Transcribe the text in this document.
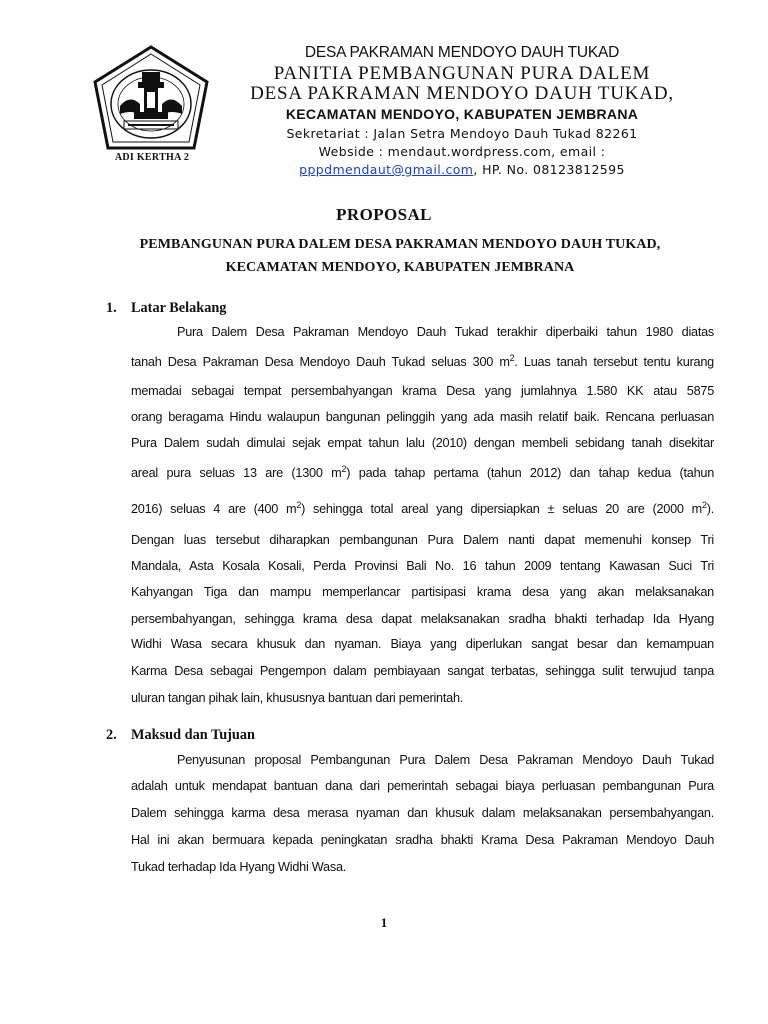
ADI KERTHA 2
DESA PAKRAMAN MENDOYO DAUH TUKAD
PANITIA PEMBANGUNAN PURA DALEM
DESA PAKRAMAN MENDOYO DAUH TUKAD,
KECAMATAN MENDOYO, KABUPATEN JEMBRANA
Sekretariat : Jalan Setra Mendoyo Dauh Tukad 82261
Webside : mendaut.wordpress.com, email :
pppdmendaut@gmail.com, HP. No. 08123812595
PROPOSAL
PEMBANGUNAN PURA DALEM DESA PAKRAMAN MENDOYO DAUH TUKAD,
KECAMATAN MENDOYO, KABUPATEN JEMBRANA
1. Latar Belakang
Pura Dalem Desa Pakraman Mendoyo Dauh Tukad terakhir diperbaiki tahun 1980 diatas
tanah Desa Pakraman Desa Mendoyo Dauh Tukad seluas 300 $m^2$. Luas tanah tersebut tentu kurang
memadai sebagai tempat persembahyangan krama Desa yang jumlahnya 1.580 KK atau 5875
orang beragama Hindu walaupun bangunan pelinggih yang ada masih relatif baik. Rencana perluasan
Pura Dalem sudah dimulai sejak empat tahun lalu (2010) dengan membeli sebidang tanah disekitar
areal pura seluas 13 are (1300 $m^2$) pada tahap pertama (tahun 2012) dan tahap kedua (tahun
2016) seluas 4 are (400 $m^2$) sehingga total areal yang dipersiapkan ± seluas 20 are (2000 $m^2$).
Dengan luas tersebut diharapkan pembangunan Pura Dalem nanti dapat memenuhi konsep Tri
Mandala, Asta Kosala Kosali, Perda Provinsi Bali No. 16 tahun 2009 tentang Kawasan Suci Tri
Kahyangan Tiga dan mampu memperlancar partisipasi krama desa yang akan melaksanakan
persembahyangan, sehingga krama desa dapat melaksanakan sradha bhakti terhadap Ida Hyang
Widhi Wasa secara khusuk dan nyaman. Biaya yang diperlukan sangat besar dan kemampuan
Karma Desa sebagai Pengempon dalam pembiayaan sangat terbatas, sehingga sulit terwujud tanpa
uluran tangan pihak lain, khususnya bantuan dari pemerintah.
2. Maksud dan Tujuan
Penyusunan proposal Pembangunan Pura Dalem Desa Pakraman Mendoyo Dauh Tukad
adalah untuk mendapat bantuan dana dari pemerintah sebagai biaya perluasan pembangunan Pura
Dalem sehingga karma desa merasa nyaman dan khusuk dalam melaksanakan persembahyangan.
Hal ini akan bermuara kepada peningkatan sradha bhakti Krama Desa Pakraman Mendoyo Dauh
Tukad terhadap Ida Hyang Widhi Wasa.
1
